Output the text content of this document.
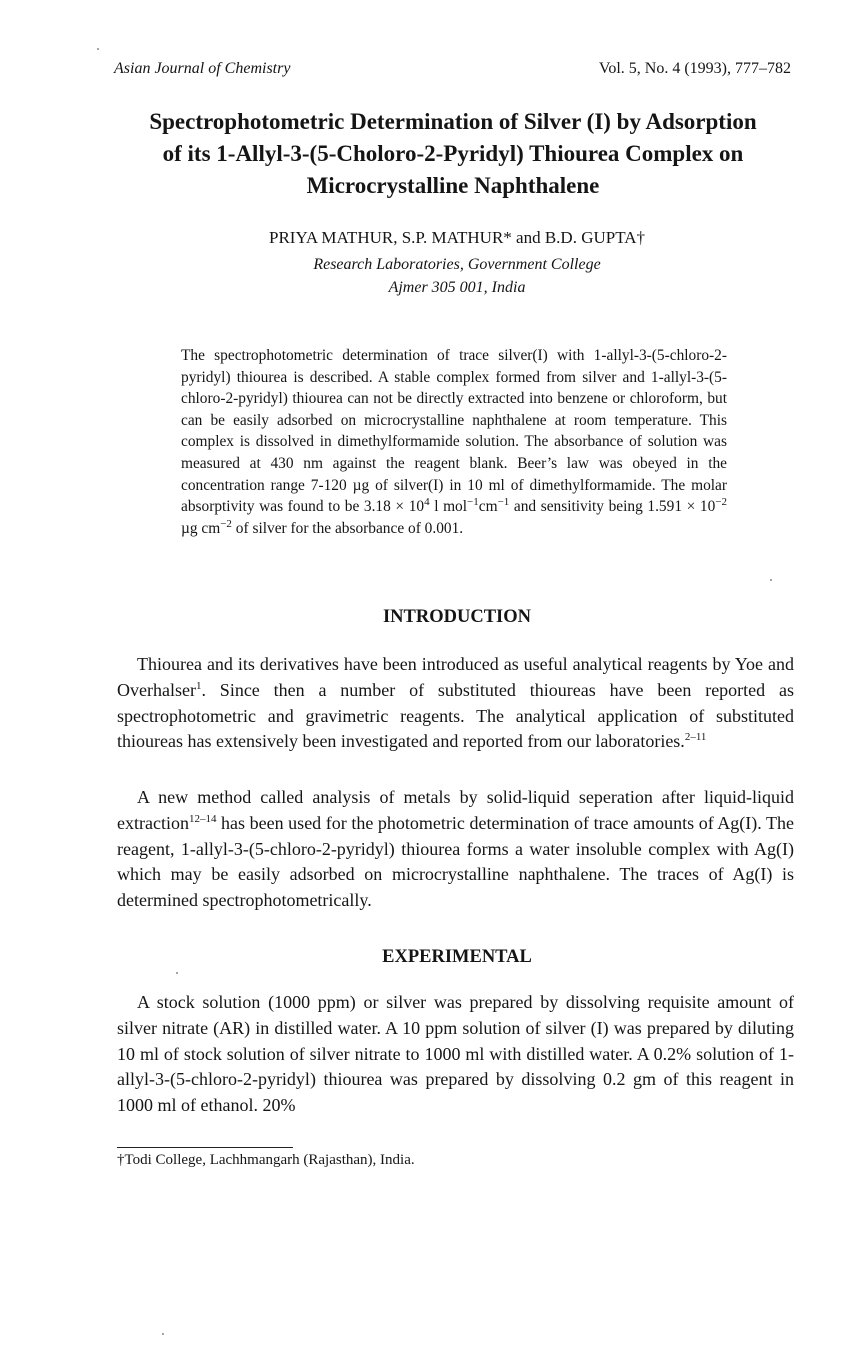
Asian Journal of Chemistry	Vol. 5, No. 4 (1993), 777–782
Spectrophotometric Determination of Silver (I) by Adsorption
of its 1-Allyl-3-(5-Choloro-2-Pyridyl) Thiourea Complex on
Microcrystalline Naphthalene
PRIYA MATHUR, S.P. MATHUR* and B.D. GUPTA†
Research Laboratories, Government College
Ajmer 305 001, India

The spectrophotometric determination of trace silver(I) with 1-allyl-3-(5-chloro-2-pyridyl) thiourea is described. A stable complex formed from silver and 1-allyl-3-(5-chloro-2-pyridyl) thiourea can not be directly extracted into benzene or chloroform, but can be easily adsorbed on microcrystalline naphthalene at room temperature. This complex is dissolved in dimethylformamide solution. The absorbance of solution was measured at 430 nm against the reagent blank. Beer’s law was obeyed in the concentration range 7-120 µg of silver(I) in 10 ml of dimethylformamide. The molar absorptivity was found to be $3.18 \times 10^4$ l $mol^{-1}cm^{-1}$ and sensitivity being $1.591 \times 10^{-2}$ µg $cm^{-2}$ of silver for the absorbance of 0.001.

INTRODUCTION

Thiourea and its derivatives have been introduced as useful analytical reagents by Yoe and Overhalser$^1$. Since then a number of substituted thioureas have been reported as spectrophotometric and gravimetric reagents. The analytical application of substituted thioureas has extensively been investigated and reported from our laboratories.$^{2-11}$

A new method called analysis of metals by solid-liquid seperation after liquid-liquid extraction$^{12-14}$ has been used for the photometric determination of trace amounts of Ag(I). The reagent, 1-allyl-3-(5-chloro-2-pyridyl) thiourea forms a water insoluble complex with Ag(I) which may be easily adsorbed on microcrystalline naphthalene. The traces of Ag(I) is determined spectrophotometrically.

EXPERIMENTAL

A stock solution (1000 ppm) or silver was prepared by dissolving requisite amount of silver nitrate (AR) in distilled water. A 10 ppm solution of silver (I) was prepared by diluting 10 ml of stock solution of silver nitrate to 1000 ml with distilled water. A 0.2% solution of 1-allyl-3-(5-chloro-2-pyridyl) thiourea was prepared by dissolving 0.2 gm of this reagent in 1000 ml of ethanol. 20%

†Todi College, Lachhmangarh (Rajasthan), India.
